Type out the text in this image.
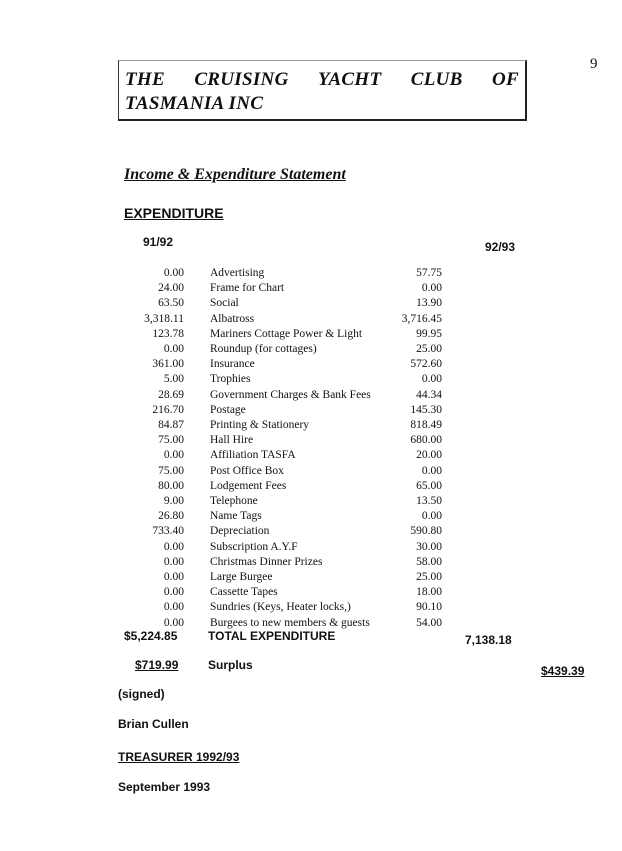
9
THE CRUISING YACHT CLUB OF
TASMANIA INC
Income & Expenditure Statement
EXPENDITURE
91/92	92/93
0.00 Advertising	57.75
24.00 Frame for Chart	0.00
63.50 Social	13.90
3,318.11 Albatross	3,716.45
123.78 Mariners Cottage Power & Light	99.95
0.00 Roundup (for cottages)	25.00
361.00 Insurance	572.60
5.00 Trophies	0.00
28.69 Government Charges & Bank Fees	44.34
216.70 Postage	145.30
84.87 Printing & Stationery	818.49
75.00 Hall Hire	680.00
0.00 Affiliation TASFA	20.00
75.00 Post Office Box	0.00
80.00 Lodgement Fees	65.00
9.00 Telephone	13.50
26.80 Name Tags	0.00
733.40 Depreciation	590.80
0.00 Subscription A.Y.F	30.00
0.00 Christmas Dinner Prizes	58.00
0.00 Large Burgee	25.00
0.00 Cassette Tapes	18.00
0.00 Sundries (Keys, Heater locks,)	90.10
0.00 Burgees to new members & guests	54.00
$5,224.85	TOTAL EXPENDITURE	7,138.18
$719.99 Surplus	$439.39
(signed)
Brian Cullen
TREASURER 1992/93
September 1993
